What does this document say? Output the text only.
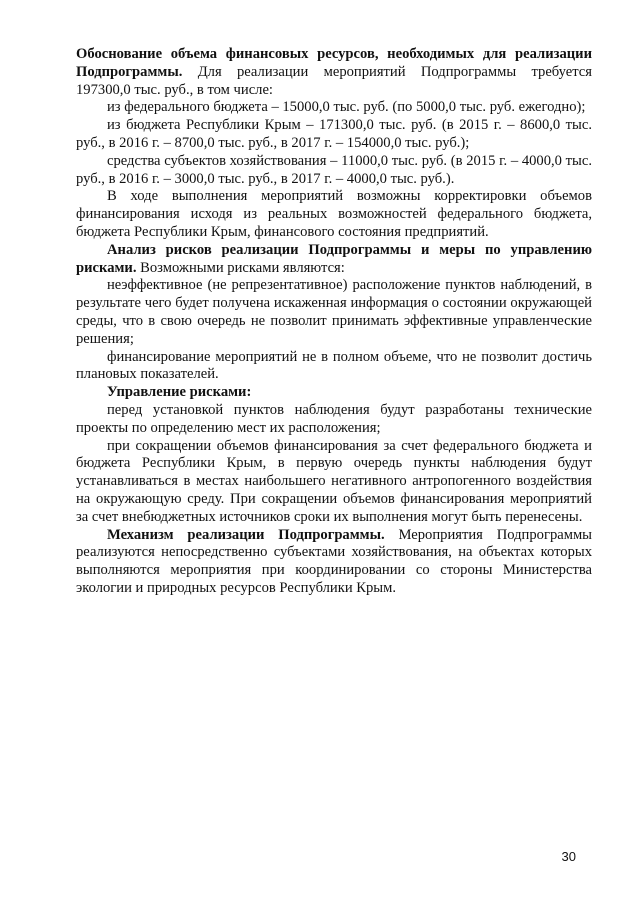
Обоснование объема финансовых ресурсов, необходимых для реализации Подпрограммы. Для реализации мероприятий Подпрограммы требуется 197300,0 тыс. руб., в том числе:

из федерального бюджета – 15000,0 тыс. руб. (по 5000,0 тыс. руб. ежегодно);

из бюджета Республики Крым – 171300,0 тыс. руб. (в 2015 г. – 8600,0 тыс. руб., в 2016 г. – 8700,0 тыс. руб., в 2017 г. – 154000,0 тыс. руб.);

средства субъектов хозяйствования – 11000,0 тыс. руб. (в 2015 г. – 4000,0 тыс. руб., в 2016 г. – 3000,0 тыс. руб., в 2017 г. – 4000,0 тыс. руб.).

В ходе выполнения мероприятий возможны корректировки объемов финансирования исходя из реальных возможностей федерального бюджета, бюджета Республики Крым, финансового состояния предприятий.

Анализ рисков реализации Подпрограммы и меры по управлению рисками. Возможными рисками являются:

неэффективное (не репрезентативное) расположение пунктов наблюдений, в результате чего будет получена искаженная информация о состоянии окружающей среды, что в свою очередь не позволит принимать эффективные управленческие решения;

финансирование мероприятий не в полном объеме, что не позволит достичь плановых показателей.

Управление рисками:

перед установкой пунктов наблюдения будут разработаны технические проекты по определению мест их расположения;

при сокращении объемов финансирования за счет федерального бюджета и бюджета Республики Крым, в первую очередь пункты наблюдения будут устанавливаться в местах наибольшего негативного антропогенного воздействия на окружающую среду. При сокращении объемов финансирования мероприятий за счет внебюджетных источников сроки их выполнения могут быть перенесены.

Механизм реализации Подпрограммы. Мероприятия Подпрограммы реализуются непосредственно субъектами хозяйствования, на объектах которых выполняются мероприятия при координировании со стороны Министерства экологии и природных ресурсов Республики Крым.

30
